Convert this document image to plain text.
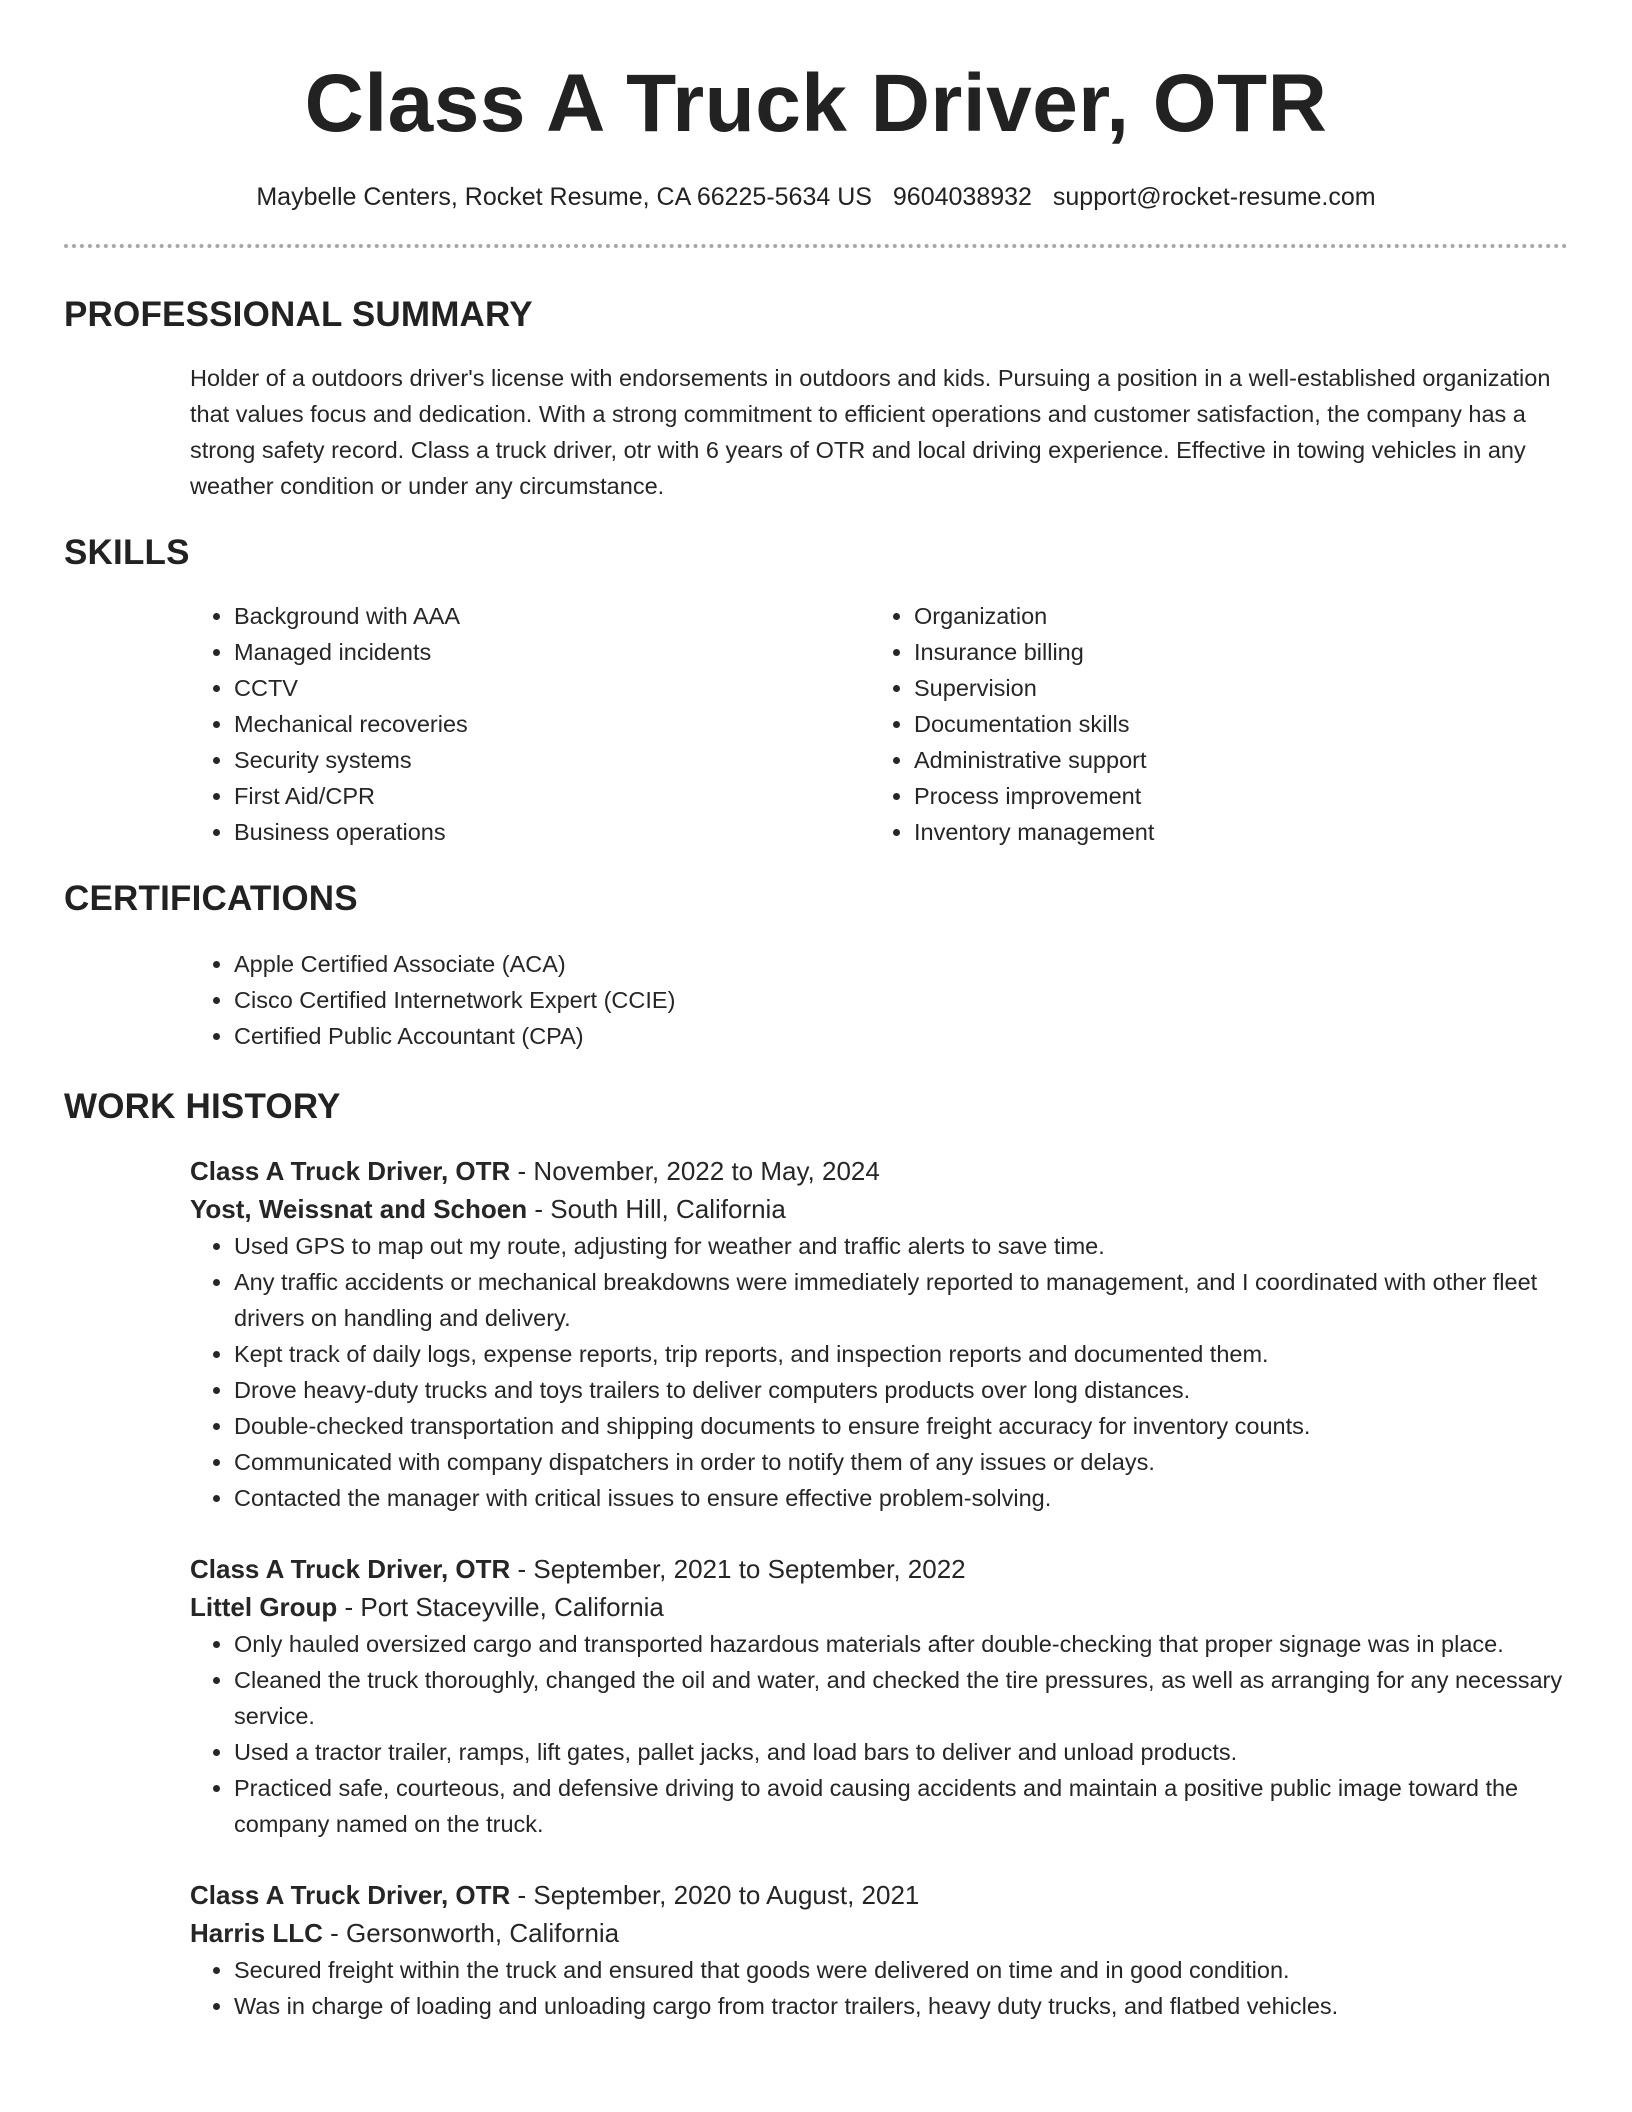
Class A Truck Driver, OTR
Maybelle Centers, Rocket Resume, CA 66225-5634 US 9604038932 support@rocket-resume.com
PROFESSIONAL SUMMARY

Holder of a outdoors driver's license with endorsements in outdoors and kids. Pursuing a position in a well-established organization that values focus and dedication. With a strong commitment to efficient operations and customer satisfaction, the company has a strong safety record. Class a truck driver, otr with 6 years of OTR and local driving experience. Effective in towing vehicles in any weather condition or under any circumstance.

SKILLS
• Background with AAA
• Managed incidents
• CCTV
• Mechanical recoveries
• Security systems
• First Aid/CPR
• Business operations
• Organization
• Insurance billing
• Supervision
• Documentation skills
• Administrative support
• Process improvement
• Inventory management
CERTIFICATIONS
• Apple Certified Associate (ACA)
• Cisco Certified Internetwork Expert (CCIE)
• Certified Public Accountant (CPA)
WORK HISTORY
Class A Truck Driver, OTR - November, 2022 to May, 2024
Yost, Weissnat and Schoen - South Hill, California
• Used GPS to map out my route, adjusting for weather and traffic alerts to save time.
• Any traffic accidents or mechanical breakdowns were immediately reported to management, and I coordinated with other fleet drivers on handling and delivery.
• Kept track of daily logs, expense reports, trip reports, and inspection reports and documented them.
• Drove heavy-duty trucks and toys trailers to deliver computers products over long distances.
• Double-checked transportation and shipping documents to ensure freight accuracy for inventory counts.
• Communicated with company dispatchers in order to notify them of any issues or delays.
• Contacted the manager with critical issues to ensure effective problem-solving.
Class A Truck Driver, OTR - September, 2021 to September, 2022
Littel Group - Port Staceyville, California
• Only hauled oversized cargo and transported hazardous materials after double-checking that proper signage was in place.
• Cleaned the truck thoroughly, changed the oil and water, and checked the tire pressures, as well as arranging for any necessary service.
• Used a tractor trailer, ramps, lift gates, pallet jacks, and load bars to deliver and unload products.
• Practiced safe, courteous, and defensive driving to avoid causing accidents and maintain a positive public image toward the company named on the truck.
Class A Truck Driver, OTR - September, 2020 to August, 2021
Harris LLC - Gersonworth, California
• Secured freight within the truck and ensured that goods were delivered on time and in good condition.
• Was in charge of loading and unloading cargo from tractor trailers, heavy duty trucks, and flatbed vehicles.
